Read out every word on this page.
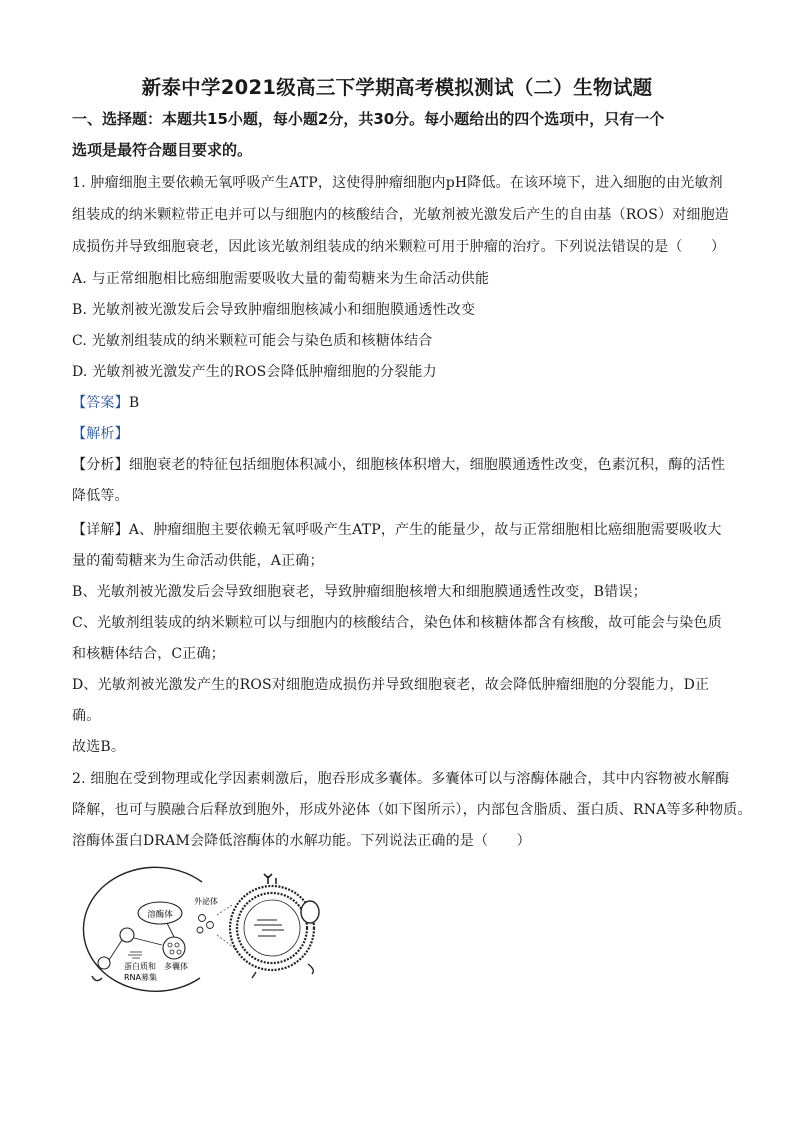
新泰中学2021级高三下学期高考模拟测试（二）生物试题
一、选择题：本题共15小题，每小题2分，共30分。每小题给出的四个选项中，只有一个
选项是最符合题目要求的。
1. 肿瘤细胞主要依赖无氧呼吸产生ATP，这使得肿瘤细胞内pH降低。在该环境下，进入细胞的由光敏剂
组装成的纳米颗粒带正电并可以与细胞内的核酸结合，光敏剂被光激发后产生的自由基（ROS）对细胞造
成损伤并导致细胞衰老，因此该光敏剂组装成的纳米颗粒可用于肿瘤的治疗。下列说法错误的是（　　）
A. 与正常细胞相比癌细胞需要吸收大量的葡萄糖来为生命活动供能
B. 光敏剂被光激发后会导致肿瘤细胞核减小和细胞膜通透性改变
C. 光敏剂组装成的纳米颗粒可能会与染色质和核糖体结合
D. 光敏剂被光激发产生的ROS会降低肿瘤细胞的分裂能力
【答案】B
【解析】
【分析】细胞衰老的特征包括细胞体积减小，细胞核体积增大，细胞膜通透性改变，色素沉积，酶的活性
降低等。
【详解】A、肿瘤细胞主要依赖无氧呼吸产生ATP，产生的能量少，故与正常细胞相比癌细胞需要吸收大
量的葡萄糖来为生命活动供能，A正确；
B、光敏剂被光激发后会导致细胞衰老，导致肿瘤细胞核增大和细胞膜通透性改变，B错误；
C、光敏剂组装成的纳米颗粒可以与细胞内的核酸结合，染色体和核糖体都含有核酸，故可能会与染色质
和核糖体结合，C正确；
D、光敏剂被光激发产生的ROS对细胞造成损伤并导致细胞衰老，故会降低肿瘤细胞的分裂能力，D正
确。
故选B。
2. 细胞在受到物理或化学因素刺激后，胞吞形成多囊体。多囊体可以与溶酶体融合，其中内容物被水解酶
降解，也可与膜融合后释放到胞外，形成外泌体（如下图所示），内部包含脂质、蛋白质、RNA等多种物质。
溶酶体蛋白DRAM会降低溶酶体的水解功能。下列说法正确的是（　　）
溶酶体
蛋白质和
RNA募集
多囊体
外泌体
